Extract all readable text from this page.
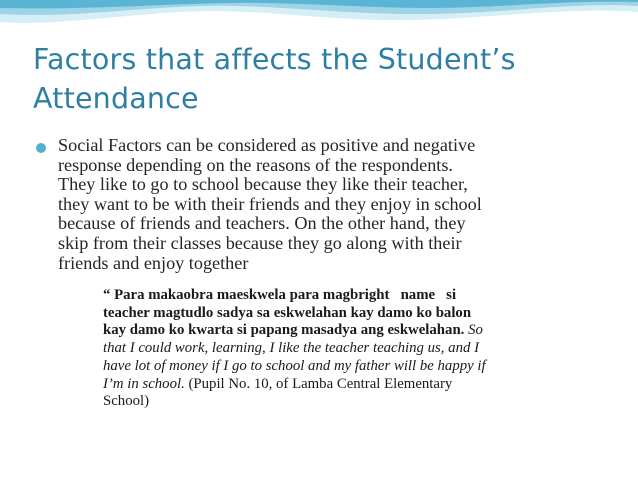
Factors that affects the Student’s
Attendance
Social Factors can be considered as positive and negative
response depending on the reasons of the respondents.
They like to go to school because they like their teacher,
they want to be with their friends and they enjoy in school
because of friends and teachers. On the other hand, they
skip from their classes because they go along with their
friends and enjoy together
“ Para makaobra maeskwela para magbright   name   si
teacher magtudlo sadya sa eskwelahan kay damo ko balon
kay damo ko kwarta si papang masadya ang eskwelahan. So
that I could work, learning, I like the teacher teaching us, and I
have lot of money if I go to school and my father will be happy if
I’m in school. (Pupil No. 10, of Lamba Central Elementary
School)
